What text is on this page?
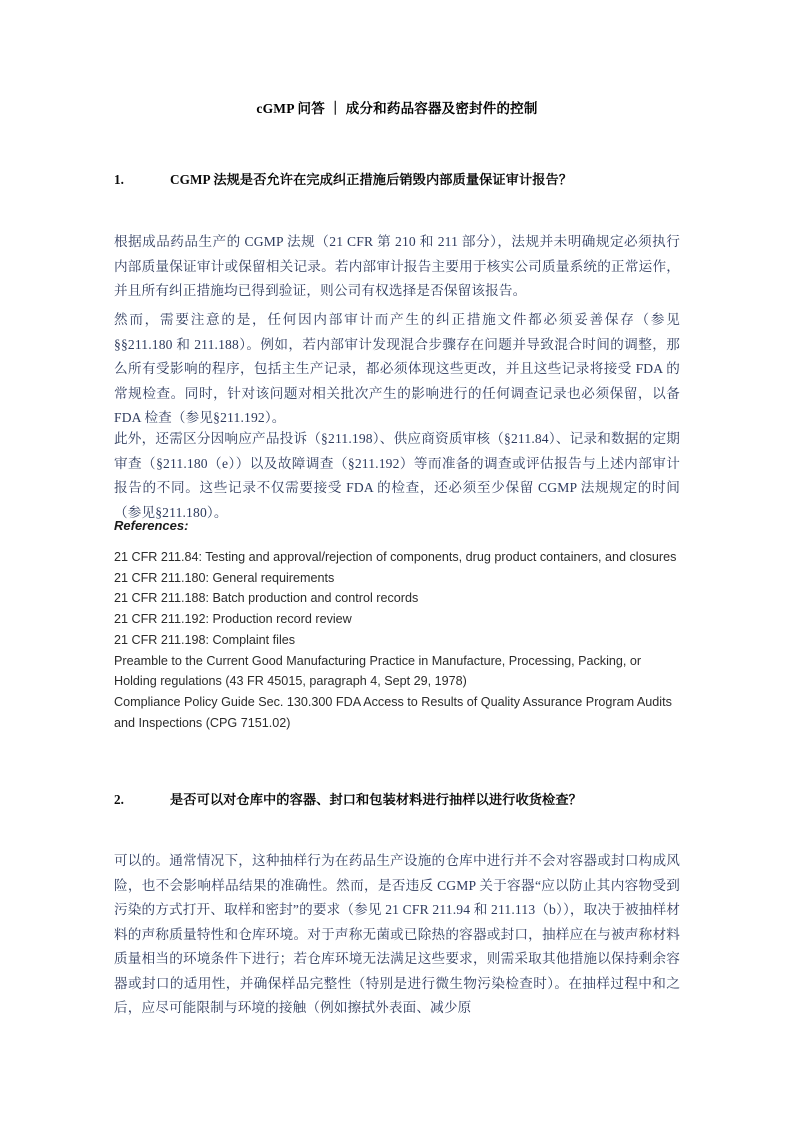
cGMP 问答 ｜ 成分和药品容器及密封件的控制
1.	CGMP 法规是否允许在完成纠正措施后销毁内部质量保证审计报告？

根据成品药品生产的 CGMP 法规（21 CFR 第 210 和 211 部分），法规并未明确规定必须执行内部质量保证审计或保留相关记录。若内部审计报告主要用于核实公司质量系统的正常运作，并且所有纠正措施均已得到验证，则公司有权选择是否保留该报告。

然而，需要注意的是，任何因内部审计而产生的纠正措施文件都必须妥善保存（参见§§211.180 和 211.188）。例如，若内部审计发现混合步骤存在问题并导致混合时间的调整，那么所有受影响的程序，包括主生产记录，都必须体现这些更改，并且这些记录将接受 FDA 的常规检查。同时，针对该问题对相关批次产生的影响进行的任何调查记录也必须保留，以备 FDA 检查（参见§211.192）。

此外，还需区分因响应产品投诉（§211.198）、供应商资质审核（§211.84）、记录和数据的定期审查（§211.180（e））以及故障调查（§211.192）等而准备的调查或评估报告与上述内部审计报告的不同。这些记录不仅需要接受 FDA 的检查，还必须至少保留 CGMP 法规规定的时间（参见§211.180）。

References:
21 CFR 211.84: Testing and approval/rejection of components, drug product containers, and closures
21 CFR 211.180: General requirements
21 CFR 211.188: Batch production and control records
21 CFR 211.192: Production record review
21 CFR 211.198: Complaint files
Preamble to the Current Good Manufacturing Practice in Manufacture, Processing, Packing, or Holding regulations (43 FR 45015, paragraph 4, Sept 29, 1978)
Compliance Policy Guide Sec. 130.300 FDA Access to Results of Quality Assurance Program Audits and Inspections (CPG 7151.02)
2.	是否可以对仓库中的容器、封口和包装材料进行抽样以进行收货检查？

可以的。通常情况下，这种抽样行为在药品生产设施的仓库中进行并不会对容器或封口构成风险，也不会影响样品结果的准确性。然而，是否违反 CGMP 关于容器“应以防止其内容物受到污染的方式打开、取样和密封”的要求（参见 21 CFR 211.94 和 211.113（b）），取决于被抽样材料的声称质量特性和仓库环境。对于声称无菌或已除热的容器或封口，抽样应在与被声称材料质量相当的环境条件下进行；若仓库环境无法满足这些要求，则需采取其他措施以保持剩余容器或封口的适用性，并确保样品完整性（特别是进行微生物污染检查时）。在抽样过程中和之后，应尽可能限制与环境的接触（例如擦拭外表面、减少原
